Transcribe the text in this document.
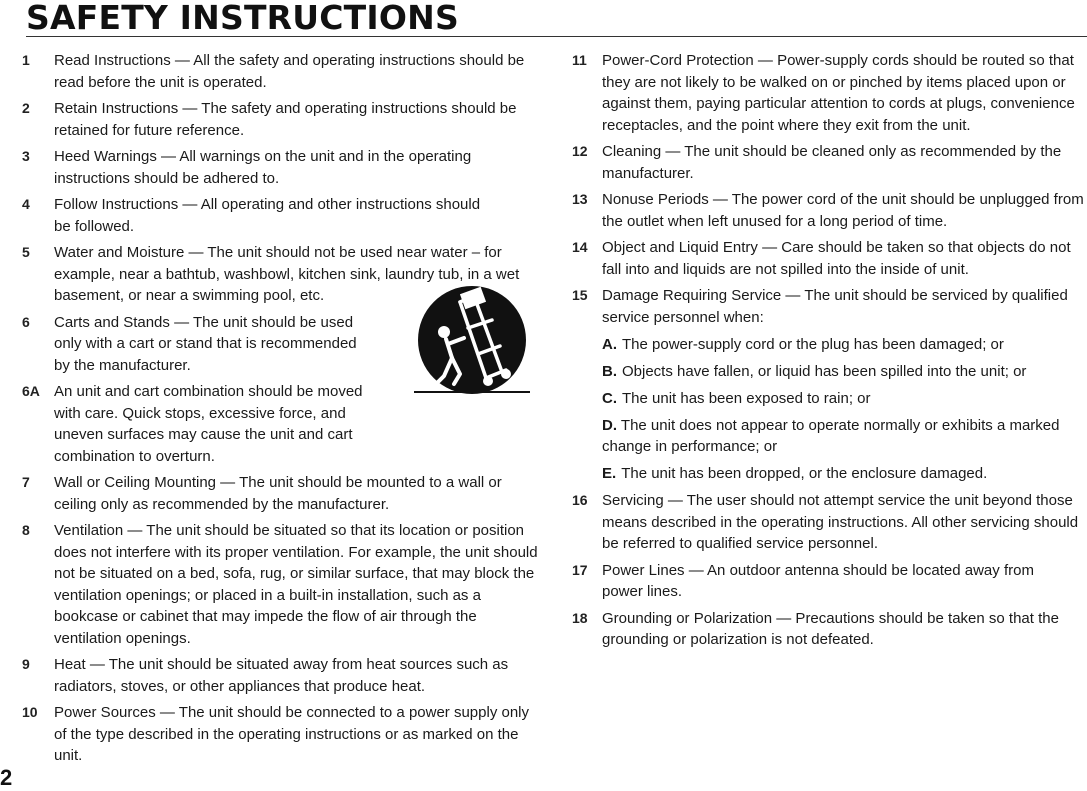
SAFETY INSTRUCTIONS
1	Read Instructions — All the safety and operating instructions should be read before the unit is operated.
2	Retain Instructions — The safety and operating instructions should be retained for future reference.
3	Heed Warnings — All warnings on the unit and in the operating instructions should be adhered to.
4	Follow Instructions — All operating and other instructions should be followed.
5	Water and Moisture — The unit should not be used near water – for example, near a bathtub, washbowl, kitchen sink, laundry tub, in a wet basement, or near a swimming pool, etc.
6	Carts and Stands — The unit should be used only with a cart or stand that is recommended by the manufacturer.
6A An unit and cart combination should be moved with care. Quick stops, excessive force, and uneven surfaces may cause the unit and cart combination to overturn.
7	Wall or Ceiling Mounting — The unit should be mounted to a wall or ceiling only as recommended by the manufacturer.
8	Ventilation — The unit should be situated so that its location or position does not interfere with its proper ventilation. For example, the unit should not be situated on a bed, sofa, rug, or similar surface, that may block the ventilation openings; or placed in a built-in installation, such as a bookcase or cabinet that may impede the flow of air through the ventilation openings.
9	Heat — The unit should be situated away from heat sources such as radiators, stoves, or other appliances that produce heat.
10	Power Sources — The unit should be connected to a power supply only of the type described in the operating instructions or as marked on the unit.
11	Power-Cord Protection — Power-supply cords should be routed so that they are not likely to be walked on or pinched by items placed upon or against them, paying particular attention to cords at plugs, convenience receptacles, and the point where they exit from the unit.
12 Cleaning — The unit should be cleaned only as recommended by the manufacturer.
13 Nonuse Periods — The power cord of the unit should be unplugged from the outlet when left unused for a long period of time.
14 Object and Liquid Entry — Care should be taken so that objects do not fall into and liquids are not spilled into the inside of unit.
15 Damage Requiring Service — The unit should be serviced by qualified service personnel when:
A. The power-supply cord or the plug has been damaged; or
B. Objects have fallen, or liquid has been spilled into the unit; or
C. The unit has been exposed to rain; or
D. The unit does not appear to operate normally or exhibits a marked change in performance; or
E. The unit has been dropped, or the enclosure damaged.
16 Servicing — The user should not attempt service the unit beyond those means described in the operating instructions. All other servicing should be referred to qualified service personnel.
17 Power Lines — An outdoor antenna should be located away from power lines.
18 Grounding or Polarization — Precautions should be taken so that the grounding or polarization is not defeated.
2
